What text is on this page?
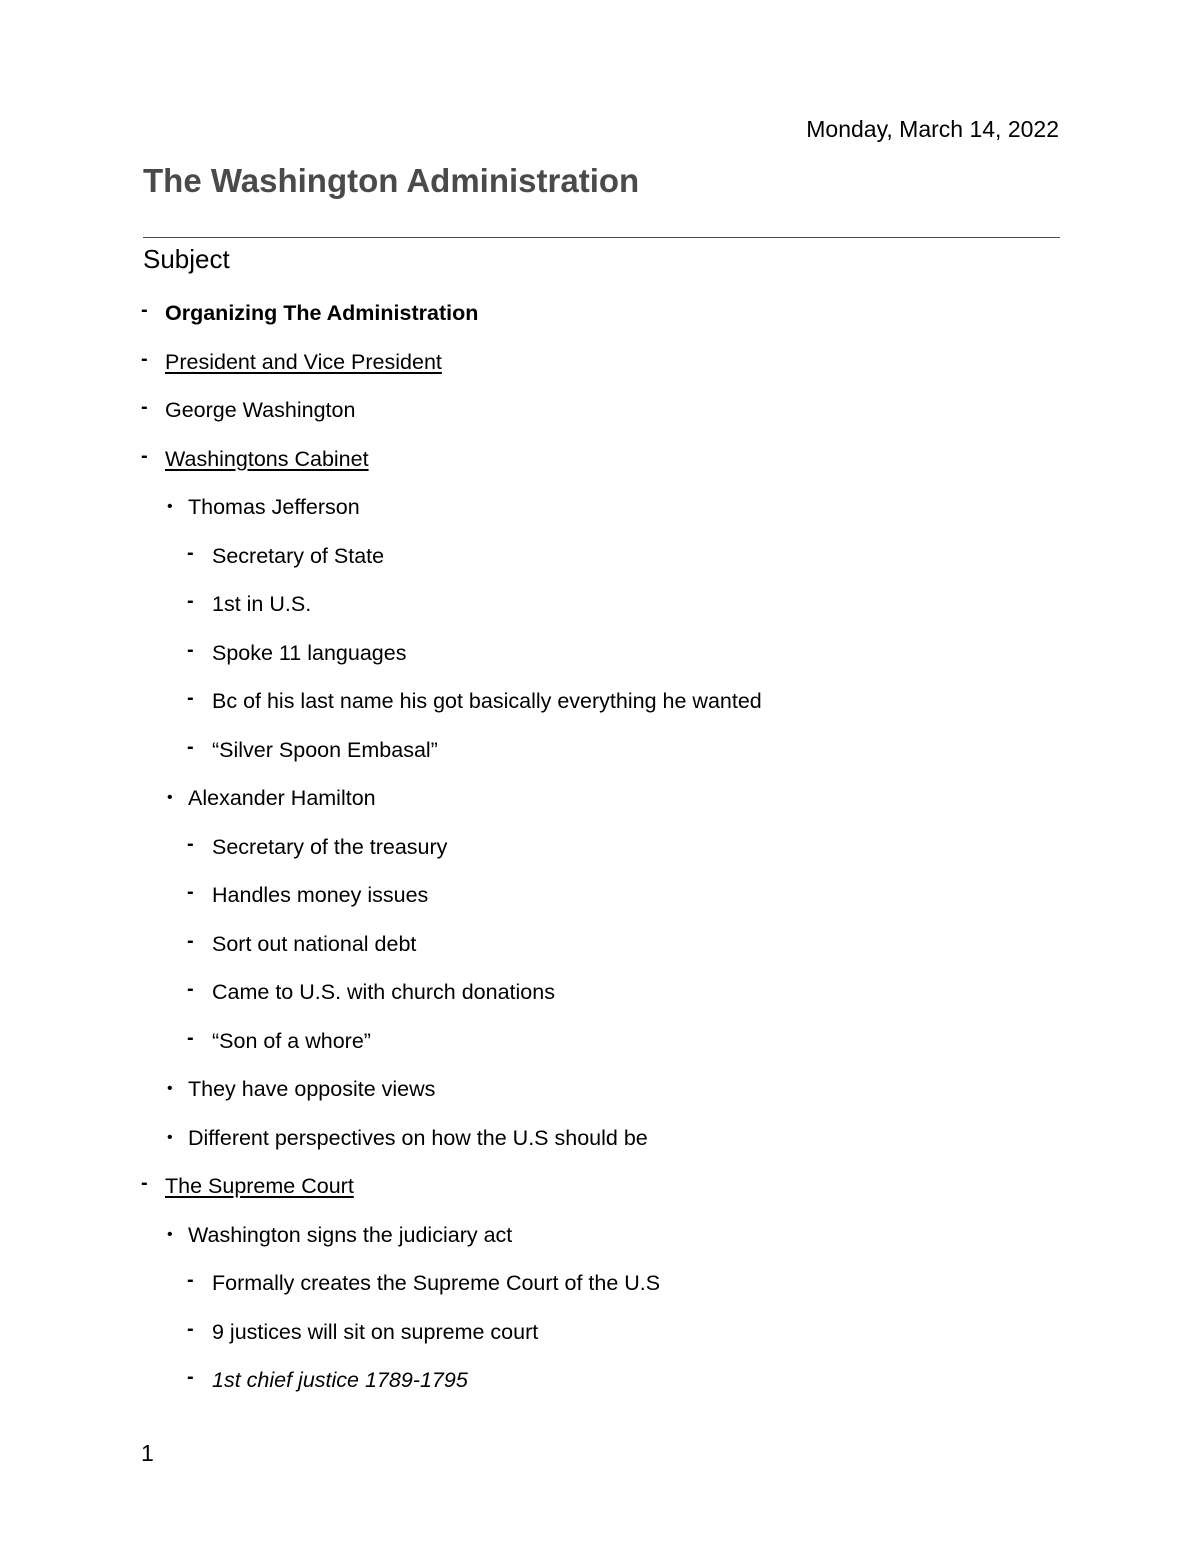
Monday, March 14, 2022
The Washington Administration
Subject
- Organizing The Administration
- President and Vice President
- George Washington
- Washingtons Cabinet
• Thomas Jefferson
- Secretary of State
- 1st in U.S.
- Spoke 11 languages
- Bc of his last name his got basically everything he wanted
- “Silver Spoon Embasal”
• Alexander Hamilton
- Secretary of the treasury
- Handles money issues
- Sort out national debt
- Came to U.S. with church donations
- “Son of a whore”
• They have opposite views
• Different perspectives on how the U.S should be
- The Supreme Court
• Washington signs the judiciary act
- Formally creates the Supreme Court of the U.S
- 9 justices will sit on supreme court
- 1st chief justice 1789-1795
1
